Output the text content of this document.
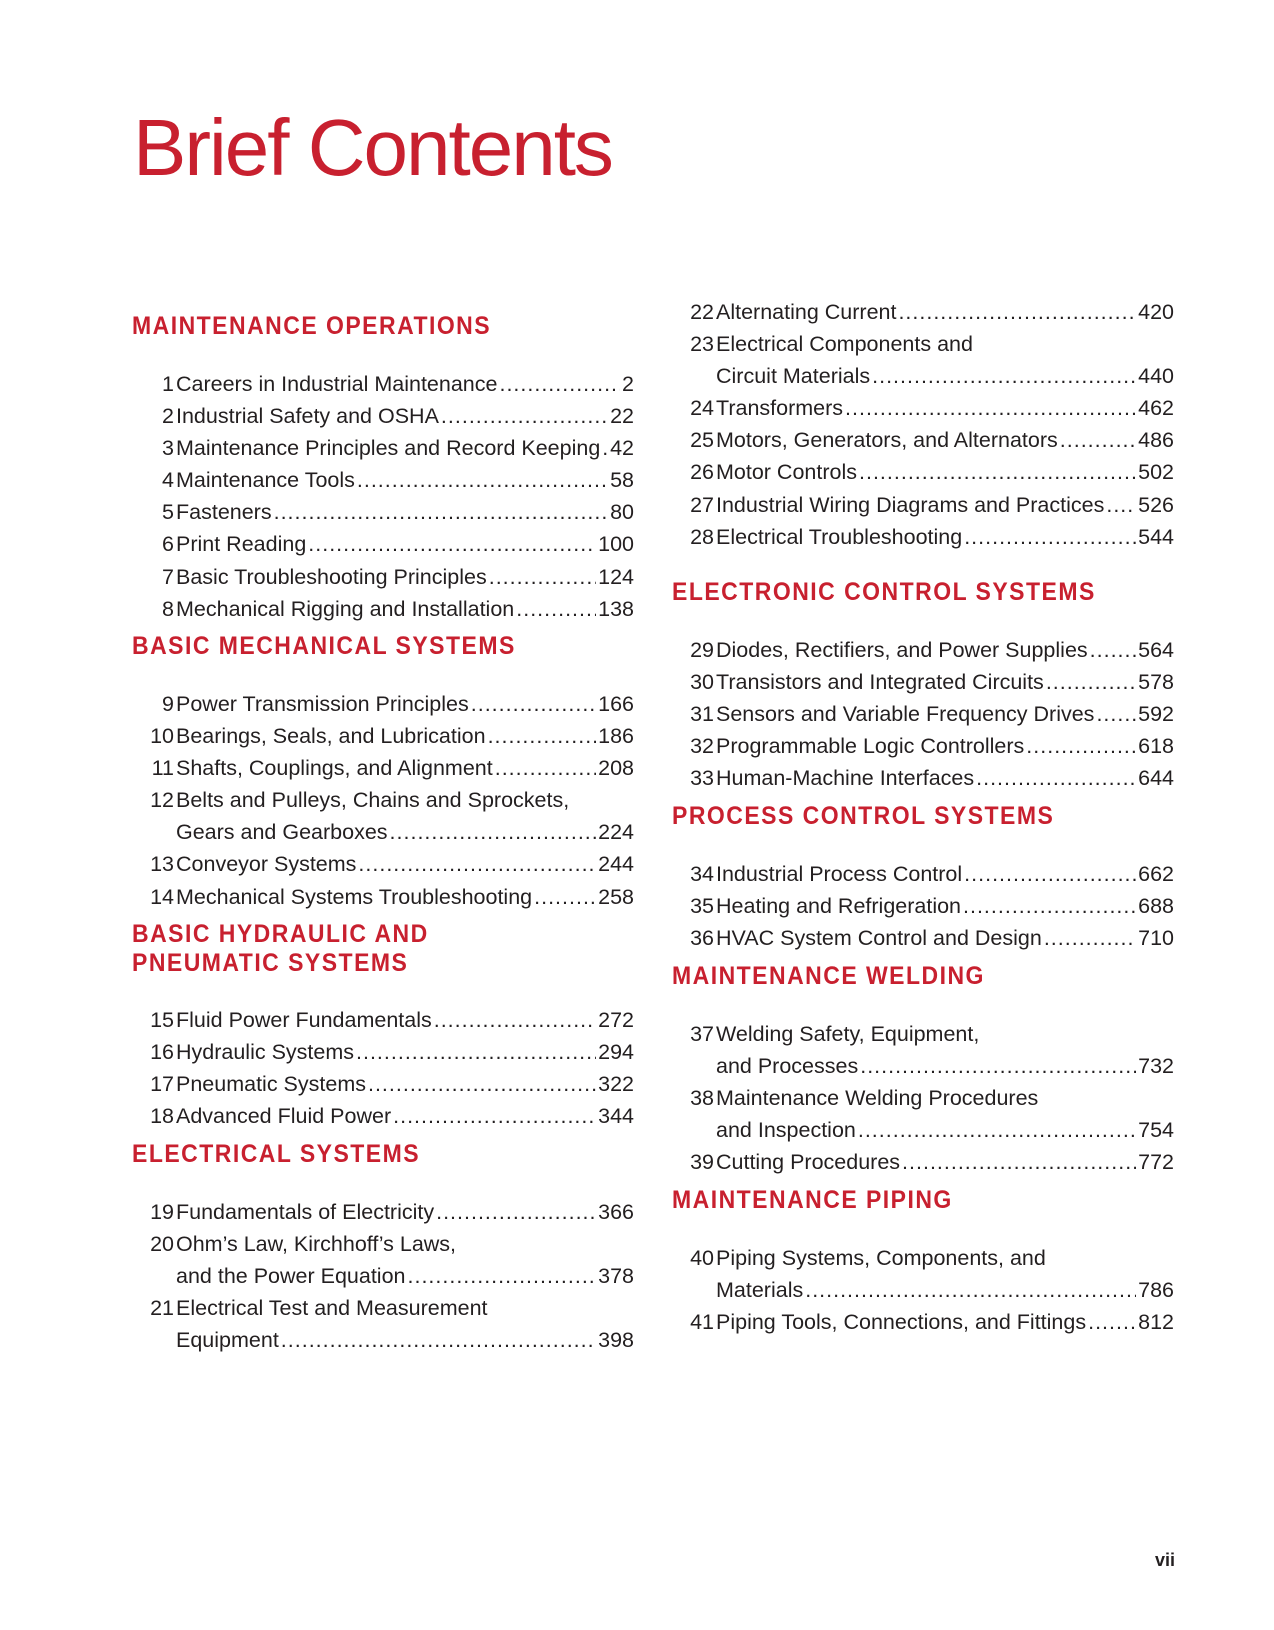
Brief Contents
MAINTENANCE OPERATIONS
1 Careers in Industrial Maintenance .....	2
2 Industrial Safety and OSHA .....	22
3 Maintenance Principles and Record Keeping ..... 42
4 Maintenance Tools .....	58
5 Fasteners .....	80
6 Print Reading .....	100
7 Basic Troubleshooting Principles .....	124
8 Mechanical Rigging and Installation .....	138
BASIC MECHANICAL SYSTEMS
9 Power Transmission Principles .....	166
10 Bearings, Seals, and Lubrication .....	186
11 Shafts, Couplings, and Alignment .....	208
12 Belts and Pulleys, Chains and Sprockets,
Gears and Gearboxes .....	224
13 Conveyor Systems .....	244
14 Mechanical Systems Troubleshooting .....	258
BASIC HYDRAULIC AND
PNEUMATIC SYSTEMS
15 Fluid Power Fundamentals .....	272
16 Hydraulic Systems .....	294
17 Pneumatic Systems .....	322
18 Advanced Fluid Power .....	344
ELECTRICAL SYSTEMS
19 Fundamentals of Electricity .....	366
20 Ohm’s Law, Kirchhoff’s Laws,
and the Power Equation .....	378
21 Electrical Test and Measurement
Equipment .....	398
22 Alternating Current .....	420
23 Electrical Components and
Circuit Materials .....	440
24 Transformers .....	462
25 Motors, Generators, and Alternators .....	486
26 Motor Controls .....	502
27 Industrial Wiring Diagrams and Practices ..... 526
28 Electrical Troubleshooting .....	544
ELECTRONIC CONTROL SYSTEMS
29 Diodes, Rectifiers, and Power Supplies ..... 564
30 Transistors and Integrated Circuits .....	578
31 Sensors and Variable Frequency Drives ..... 592
32 Programmable Logic Controllers .....	618
33 Human-Machine Interfaces .....	644
PROCESS CONTROL SYSTEMS
34 Industrial Process Control .....	662
35 Heating and Refrigeration .....	688
36 HVAC System Control and Design .....	710
MAINTENANCE WELDING
37 Welding Safety, Equipment,
and Processes .....	732
38 Maintenance Welding Procedures
and Inspection .....	754
39 Cutting Procedures .....	772
MAINTENANCE PIPING
40 Piping Systems, Components, and
Materials .....	786
41 Piping Tools, Connections, and Fittings ..... 812
vii
